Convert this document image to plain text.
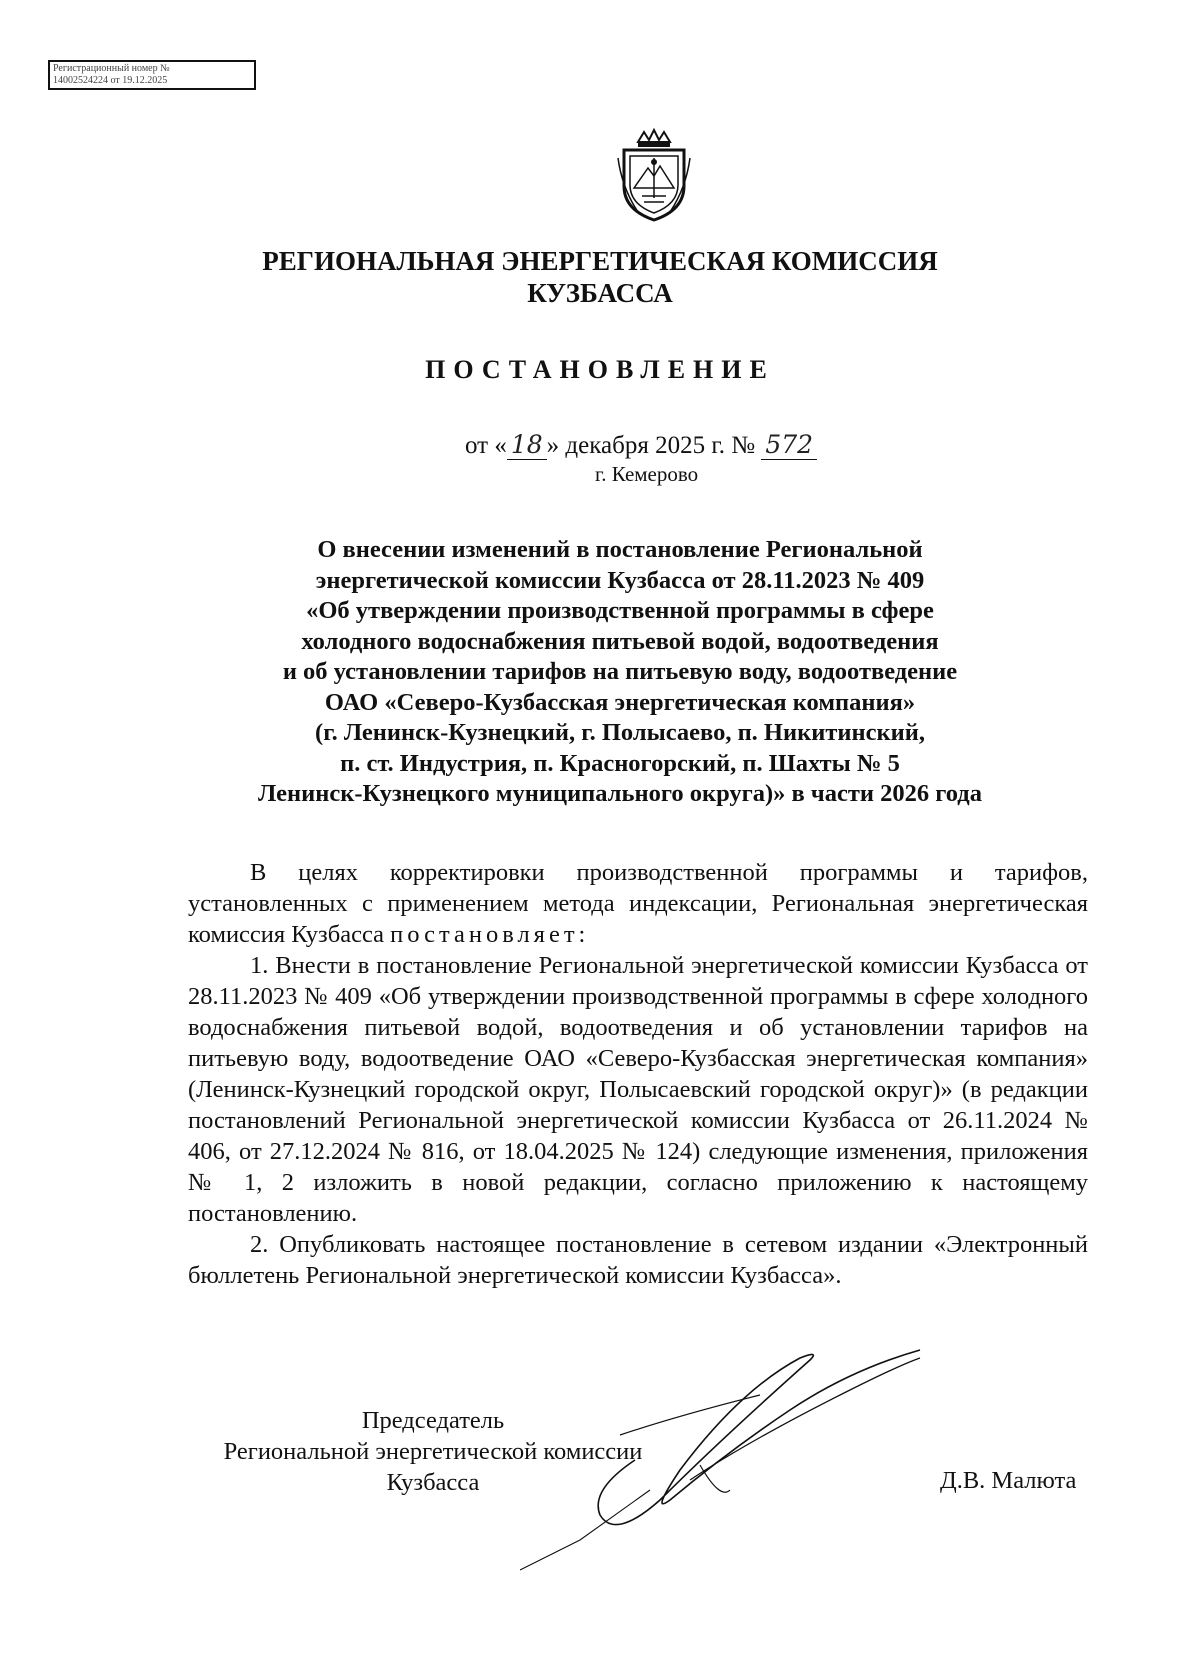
Регистрационный номер №
14002524224 от 19.12.2025
РЕГИОНАЛЬНАЯ ЭНЕРГЕТИЧЕСКАЯ КОМИССИЯ
КУЗБАССА
ПОСТАНОВЛЕНИЕ
от « 18 » декабря 2025 г. № 572
г. Кемерово
О внесении изменений в постановление Региональной
энергетической комиссии Кузбасса от 28.11.2023 № 409
«Об утверждении производственной программы в сфере
холодного водоснабжения питьевой водой, водоотведения
и об установлении тарифов на питьевую воду, водоотведение
ОАО «Северо-Кузбасская энергетическая компания»
(г. Ленинск-Кузнецкий, г. Полысаево, п. Никитинский,
п. ст. Индустрия, п. Красногорский, п. Шахты № 5
Ленинск-Кузнецкого муниципального округа)» в части 2026 года

В целях корректировки производственной программы и тарифов, установленных с применением метода индексации, Региональная энергетическая комиссия Кузбасса постановляет:

1. Внести в постановление Региональной энергетической комиссии Кузбасса от 28.11.2023 № 409 «Об утверждении производственной программы в сфере холодного водоснабжения питьевой водой, водоотведения и об установлении тарифов на питьевую воду, водоотведение ОАО «Северо-Кузбасская энергетическая компания» (Ленинск-Кузнецкий городской округ, Полысаевский городской округ)» (в редакции постановлений Региональной энергетической комиссии Кузбасса от 26.11.2024 № 406, от 27.12.2024 № 816, от 18.04.2025 № 124) следующие изменения, приложения № 1, 2 изложить в новой редакции, согласно приложению к настоящему постановлению.

2. Опубликовать настоящее постановление в сетевом издании «Электронный бюллетень Региональной энергетической комиссии Кузбасса».

Председатель
Региональной энергетической комиссии
Кузбасса	Д.В. Малюта
